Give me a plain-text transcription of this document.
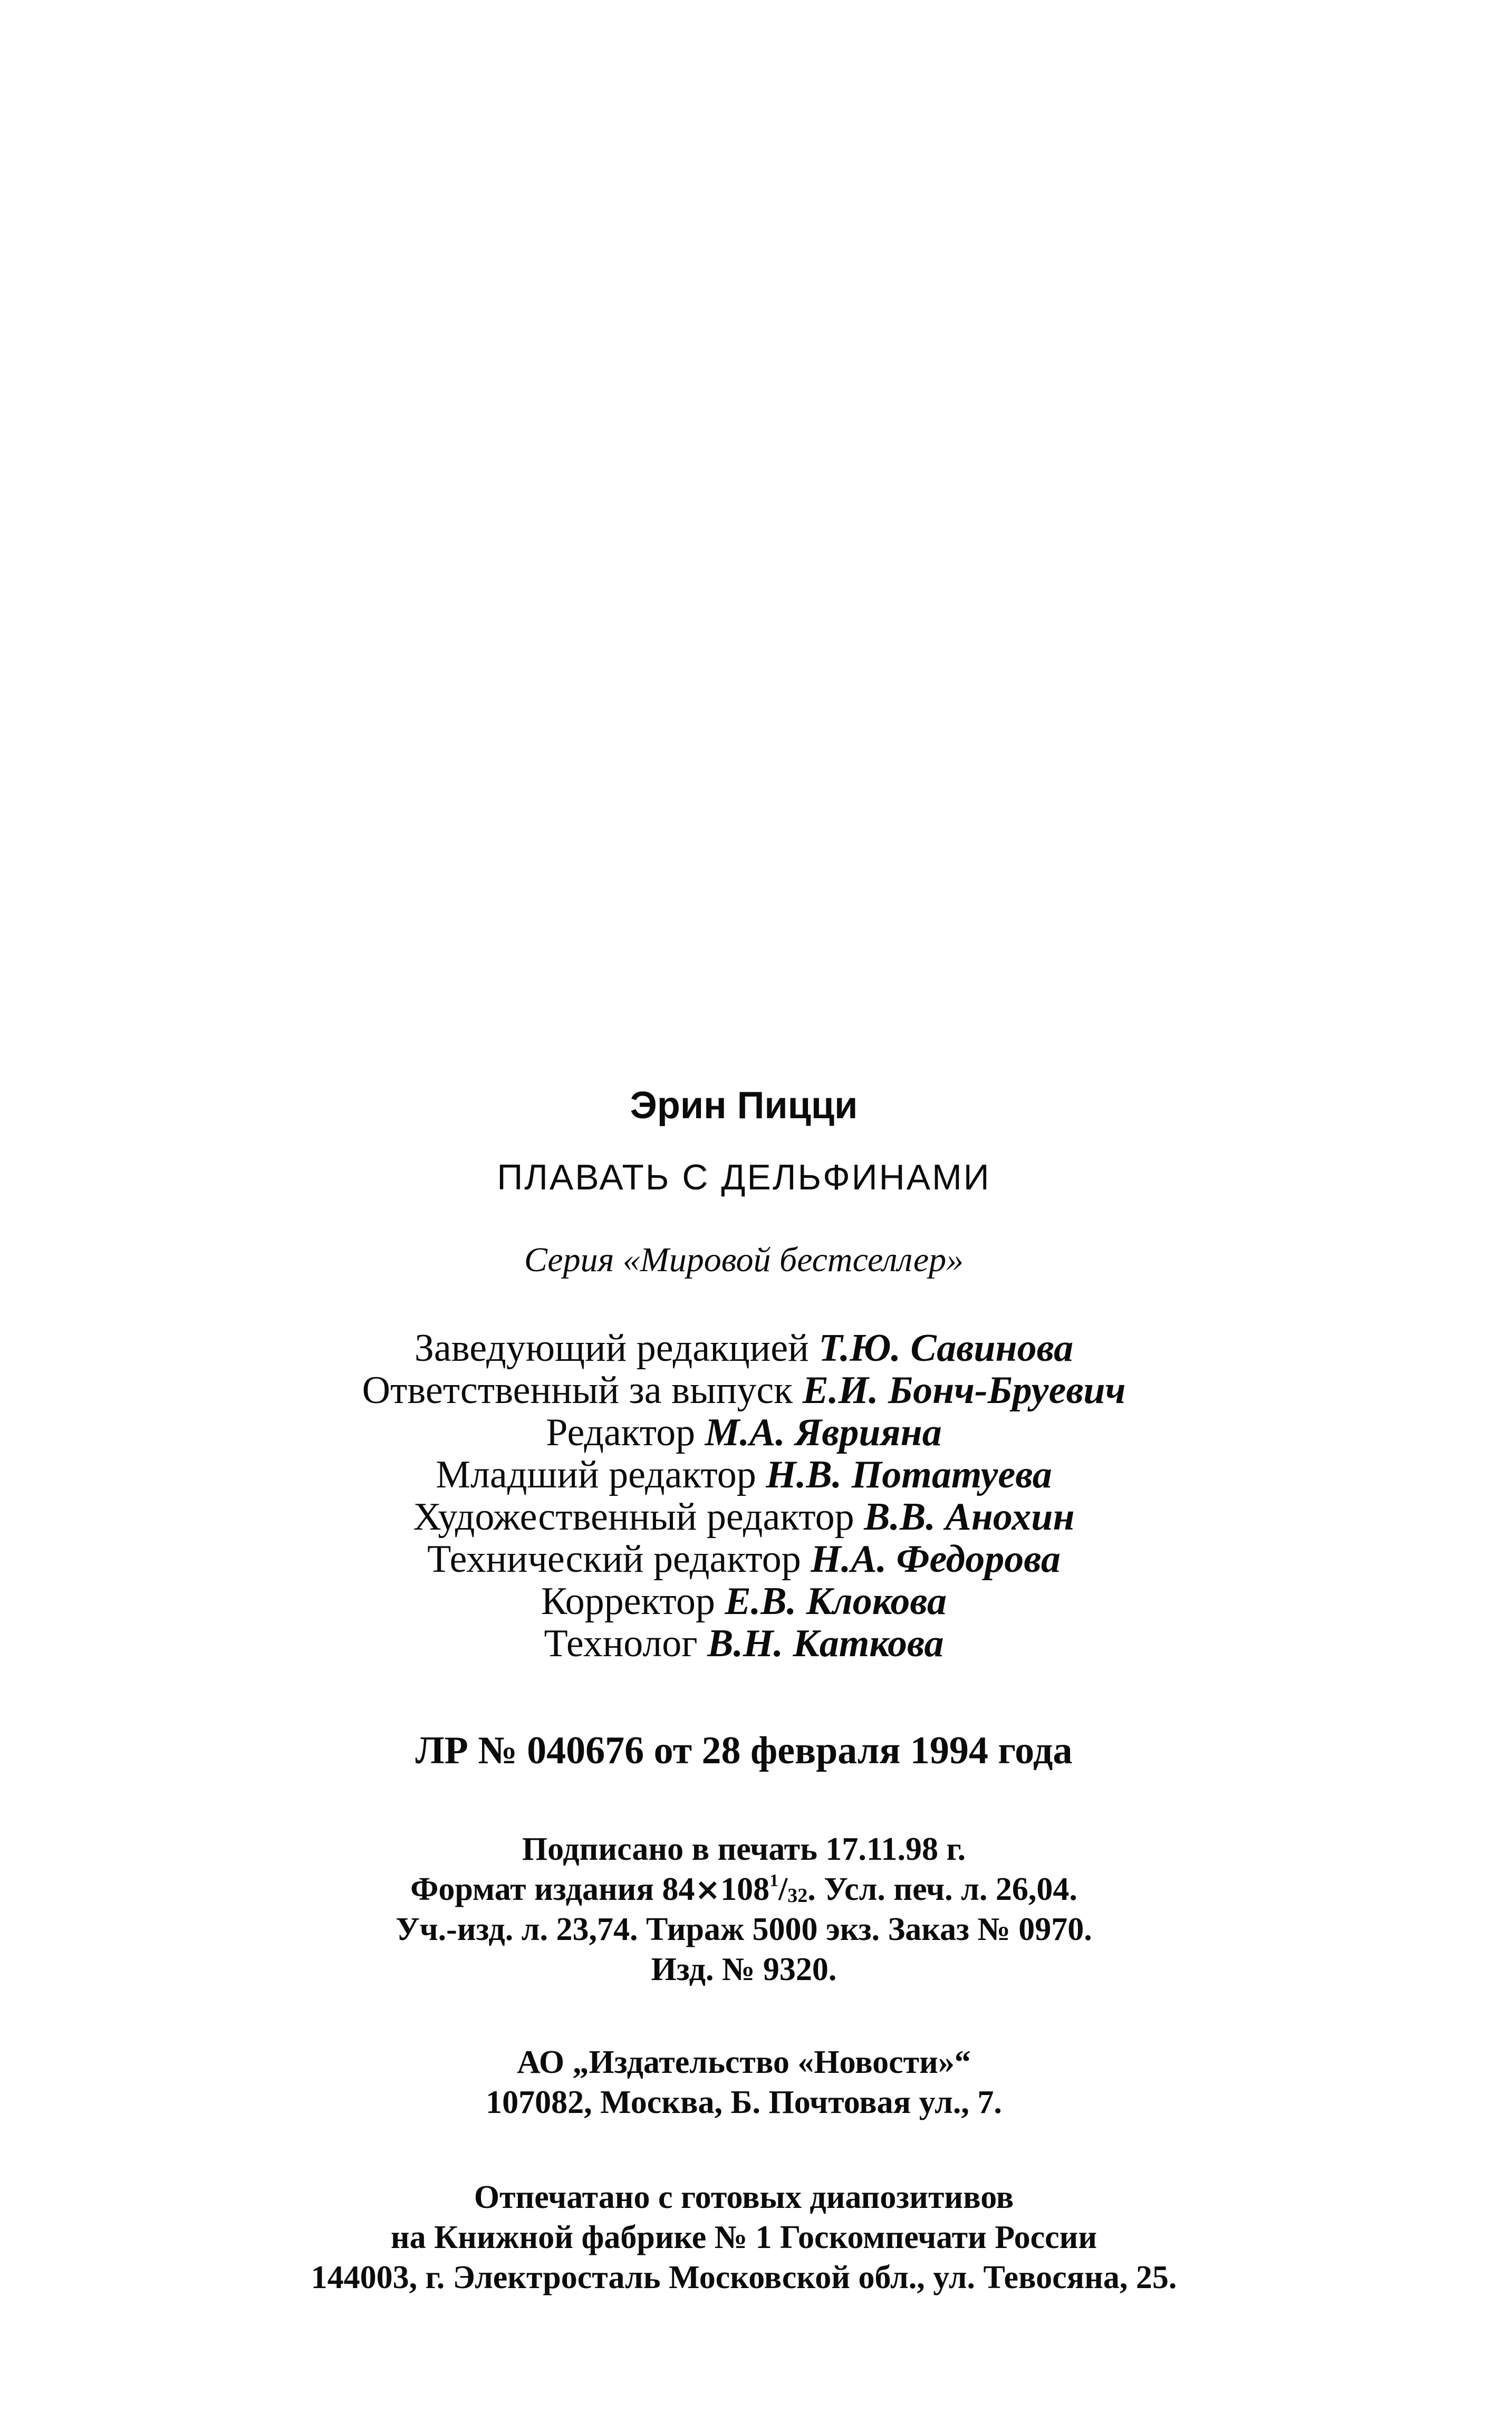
Эрин Пицци
ПЛАВАТЬ С ДЕЛЬФИНАМИ
Серия «Мировой бестселлер»
Заведующий редакцией Т.Ю. Савинова
Ответственный за выпуск Е.И. Бонч-Бруевич
Редактор М.А. Яврияна
Младший редактор Н.В. Потатуева
Художественный редактор В.В. Анохин
Технический редактор Н.А. Федорова
Корректор Е.В. Клокова
Технолог В.Н. Каткова
ЛР № 040676 от 28 февраля 1994 года
Подписано в печать 17.11.98 г.
Формат издания $84\times 108^1/_{32}$. Усл. печ. л. 26,04.
Уч.-изд. л. 23,74. Тираж 5000 экз. Заказ № 0970.
Изд. № 9320.
АО „Издательство «Новости»“
107082, Москва, Б. Почтовая ул., 7.
Отпечатано с готовых диапозитивов
на Книжной фабрике № 1 Госкомпечати России
144003, г. Электросталь Московской обл., ул. Тевосяна, 25.
